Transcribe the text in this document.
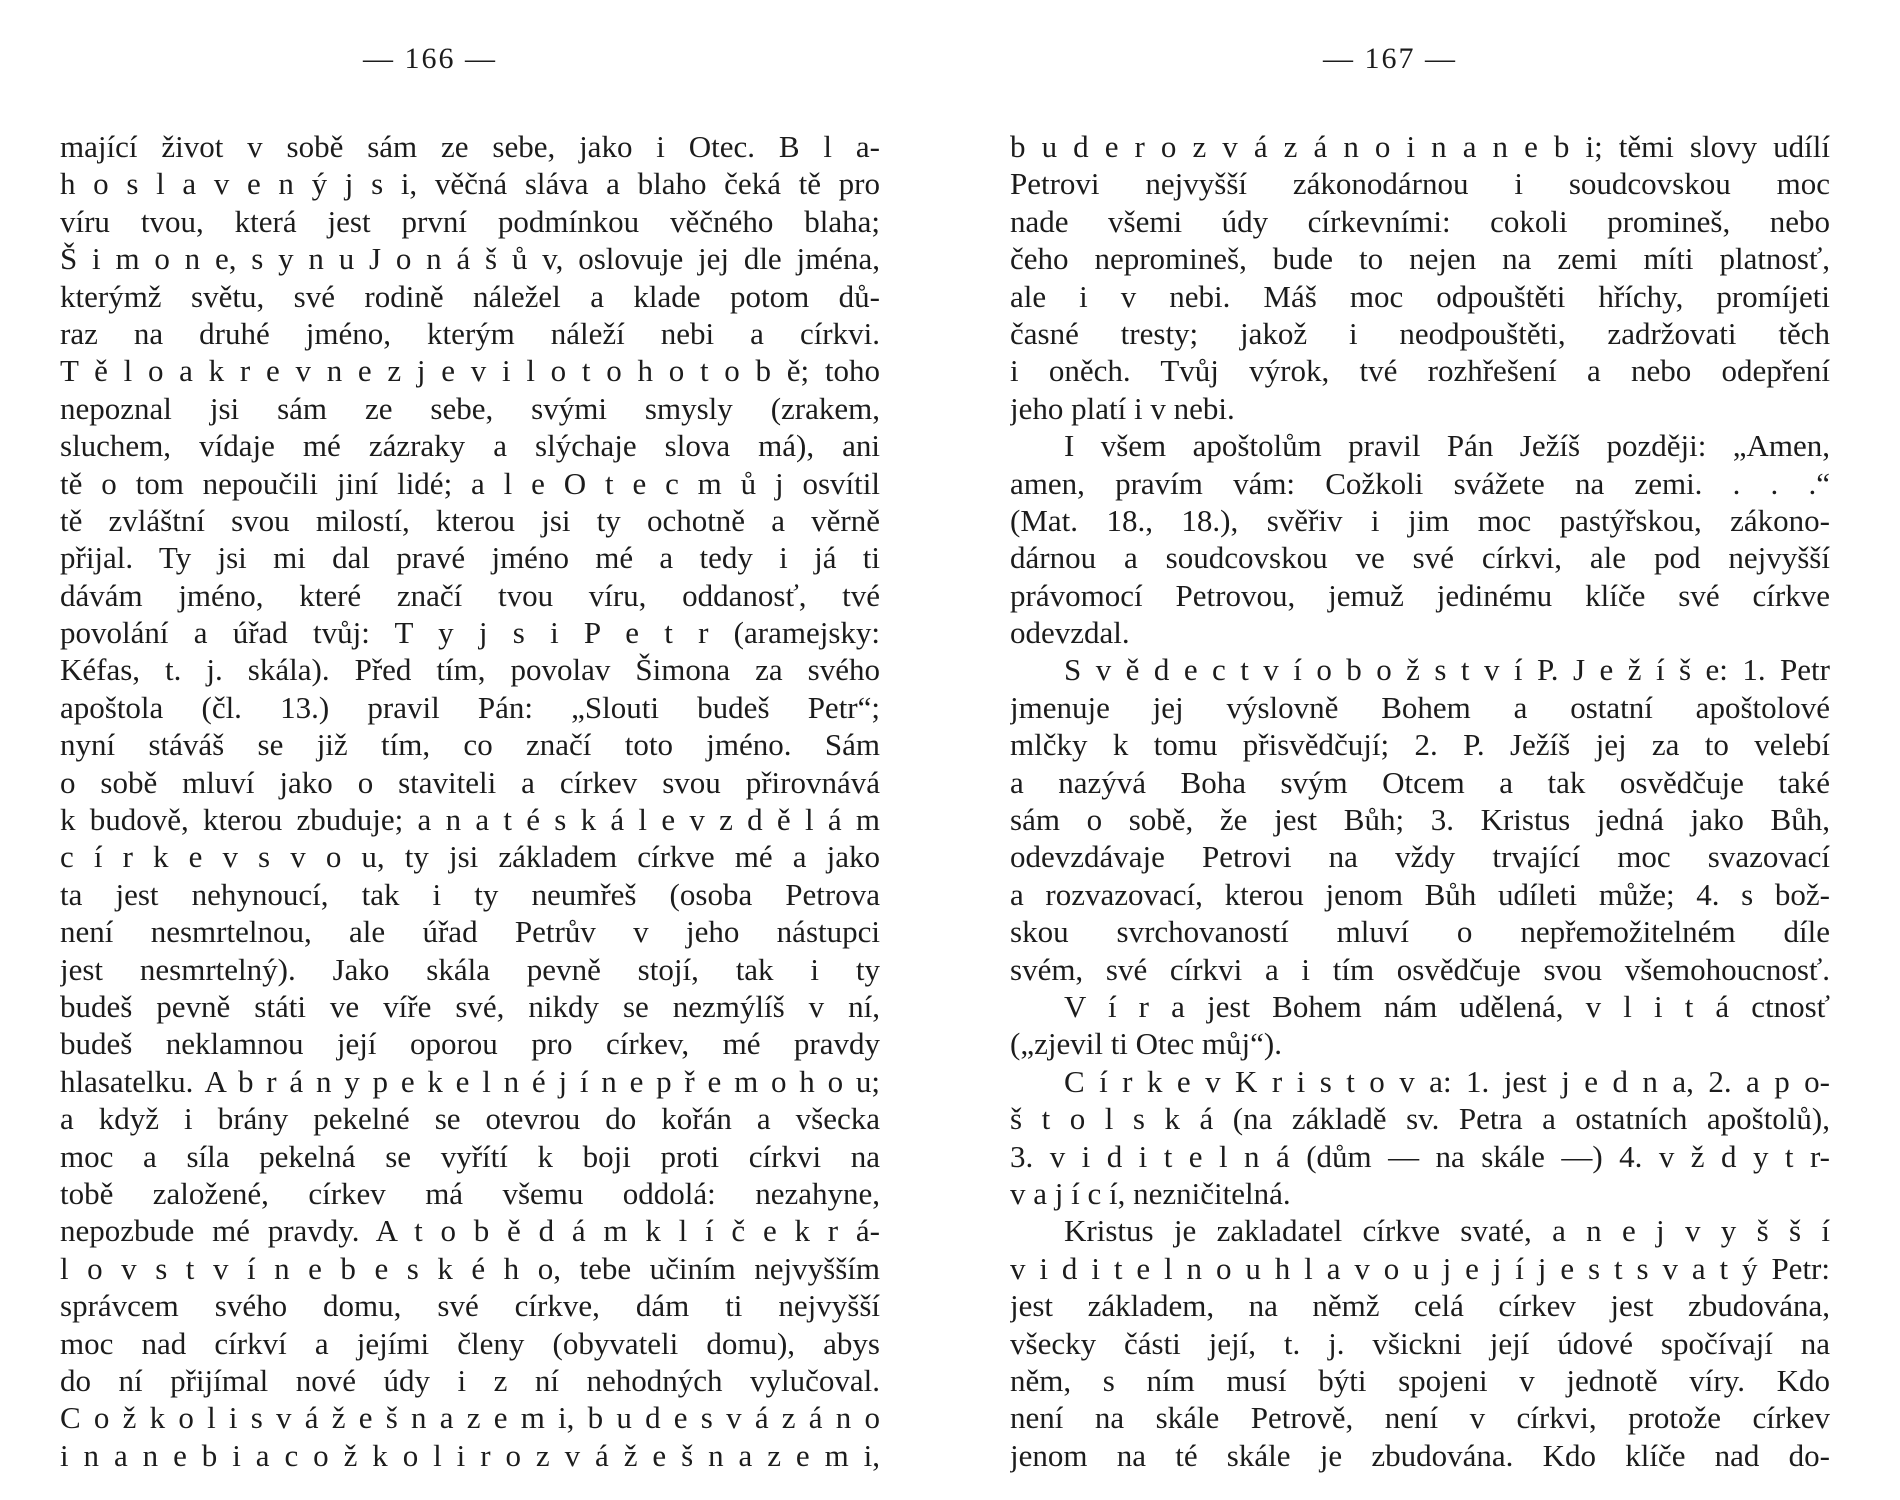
— 166 —
mající život v sobě sám ze sebe, jako i Otec. B l a-
h o s l a v e n ý j s i, věčná sláva a blaho čeká tě pro
víru tvou, která jest první podmínkou věčného blaha;
Š i m o n e, s y n u J o n á š ů v, oslovuje jej dle jména,
kterýmž světu, své rodině náležel a klade potom dů-
raz na druhé jméno, kterým náleží nebi a církvi.
T ě l o a k r e v n e z j e v i l o t o h o t o b ě; toho
nepoznal jsi sám ze sebe, svými smysly (zrakem,
sluchem, vídaje mé zázraky a slýchaje slova má), ani
tě o tom nepoučili jiní lidé; a l e O t e c m ů j osvítil
tě zvláštní svou milostí, kterou jsi ty ochotně a věrně
přijal. Ty jsi mi dal pravé jméno mé a tedy i já ti
dávám jméno, které značí tvou víru, oddanosť, tvé
povolání a úřad tvůj: T y j s i P e t r (aramejsky:
Kéfas, t. j. skála). Před tím, povolav Šimona za svého
apoštola (čl. 13.) pravil Pán: „Slouti budeš Petr“;
nyní stáváš se již tím, co značí toto jméno. Sám
o sobě mluví jako o staviteli a církev svou přirovnává
k budově, kterou zbuduje; a n a t é s k á l e v z d ě l á m
c í r k e v s v o u, ty jsi základem církve mé a jako
ta jest nehynoucí, tak i ty neumřeš (osoba Petrova
není nesmrtelnou, ale úřad Petrův v jeho nástupci
jest nesmrtelný). Jako skála pevně stojí, tak i ty
budeš pevně státi ve víře své, nikdy se nezmýlíš v ní,
budeš neklamnou její oporou pro církev, mé pravdy
hlasatelku. A b r á n y p e k e l n é j í n e p ř e m o h o u;
a když i brány pekelné se otevrou do kořán a všecka
moc a síla pekelná se vyřítí k boji proti církvi na
tobě založené, církev má všemu oddolá: nezahyne,
nepozbude mé pravdy. A t o b ě d á m k l í č e k r á-
l o v s t v í n e b e s k é h o, tebe učiním nejvyšším
správcem svého domu, své církve, dám ti nejvyšší
moc nad církví a jejími členy (obyvateli domu), abys
do ní přijímal nové údy i z ní nehodných vylučoval.
C o ž k o l i s v á ž e š n a z e m i, b u d e s v á z á n o
i n a n e b i a c o ž k o l i r o z v á ž e š n a z e m i,
— 167 —
b u d e r o z v á z á n o i n a n e b i; těmi slovy udílí
Petrovi nejvyšší zákonodárnou i soudcovskou moc
nade všemi údy církevními: cokoli promineš, nebo
čeho neprominеš, bude to nejen na zemi míti platnosť,
ale i v nebi. Máš moc odpouštěti hříchy, promíjeti
časné tresty; jakož i neodpouštěti, zadržovati těch
i oněch. Tvůj výrok, tvé rozhřešení a nebo odepření
jeho platí i v nebi.
I všem apoštolům pravil Pán Ježíš později: „Amen,
amen, pravím vám: Cožkoli svážete na zemi. . . .“
(Mat. 18., 18.), svěřiv i jim moc pastýřskou, zákono-
dárnou a soudcovskou ve své církvi, ale pod nejvyšší
právomocí Petrovou, jemuž jedinému klíče své církve
odevzdal.
S v ě d e c t v í o b o ž s t v í P. J e ž í š e: 1. Petr
jmenuje jej výslovně Bohem a ostatní apoštolové
mlčky k tomu přisvědčují; 2. P. Ježíš jej za to velebí
a nazývá Boha svým Otcem a tak osvědčuje také
sám o sobě, že jest Bůh; 3. Kristus jedná jako Bůh,
odevzdávaje Petrovi na vždy trvající moc svazovací
a rozvazovací, kterou jenom Bůh udíleti může; 4. s bož-
skou svrchovaností mluví o nepřemožitelném díle
svém, své církvi a i tím osvědčuje svou všemohoucnosť.
V í r a jest Bohem nám udělená, v l i t á ctnosť
(„zjevil ti Otec můj“).
C í r k e v K r i s t o v a: 1. jest j e d n a, 2. a p o-
š t o l s k á (na základě sv. Petra a ostatních apoštolů),
3. v i d i t e l n á (dům — na skále —) 4. v ž d y t r-
v a j í c í, nezničitelná.
Kristus je zakladatel církve svaté, a n e j v y š š í
v i d i t e l n o u h l a v o u j e j í j e s t s v a t ý Petr:
jest základem, na němž celá církev jest zbudována,
všecky části její, t. j. všickni její údové spočívají na
něm, s ním musí býti spojeni v jednotě víry. Kdo
není na skále Petrově, není v církvi, protože církev
jenom na té skále je zbudována. Kdo klíče nad do-
